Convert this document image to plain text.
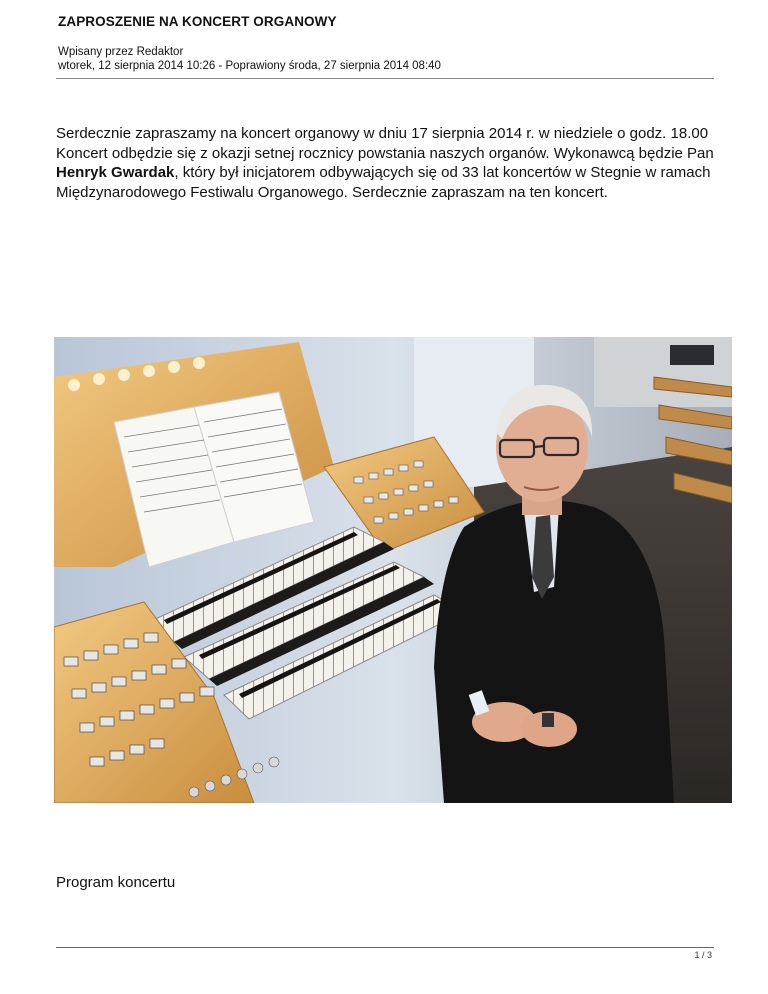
ZAPROSZENIE NA KONCERT ORGANOWY
Wpisany przez Redaktor
wtorek, 12 sierpnia 2014 10:26 - Poprawiony środa, 27 sierpnia 2014 08:40
Serdecznie zapraszamy na koncert organowy w dniu 17 sierpnia 2014 r. w niedziele o godz. 18.00
Koncert odbędzie się z okazji setnej rocznicy powstania naszych organów. Wykonawcą będzie Pan Henryk Gwardak, który był inicjatorem odbywających się od 33 lat koncertów w Stegnie w ramach Międzynarodowego Festiwalu Organowego. Serdecznie zapraszam na ten koncert.
Program koncertu
1 / 3
